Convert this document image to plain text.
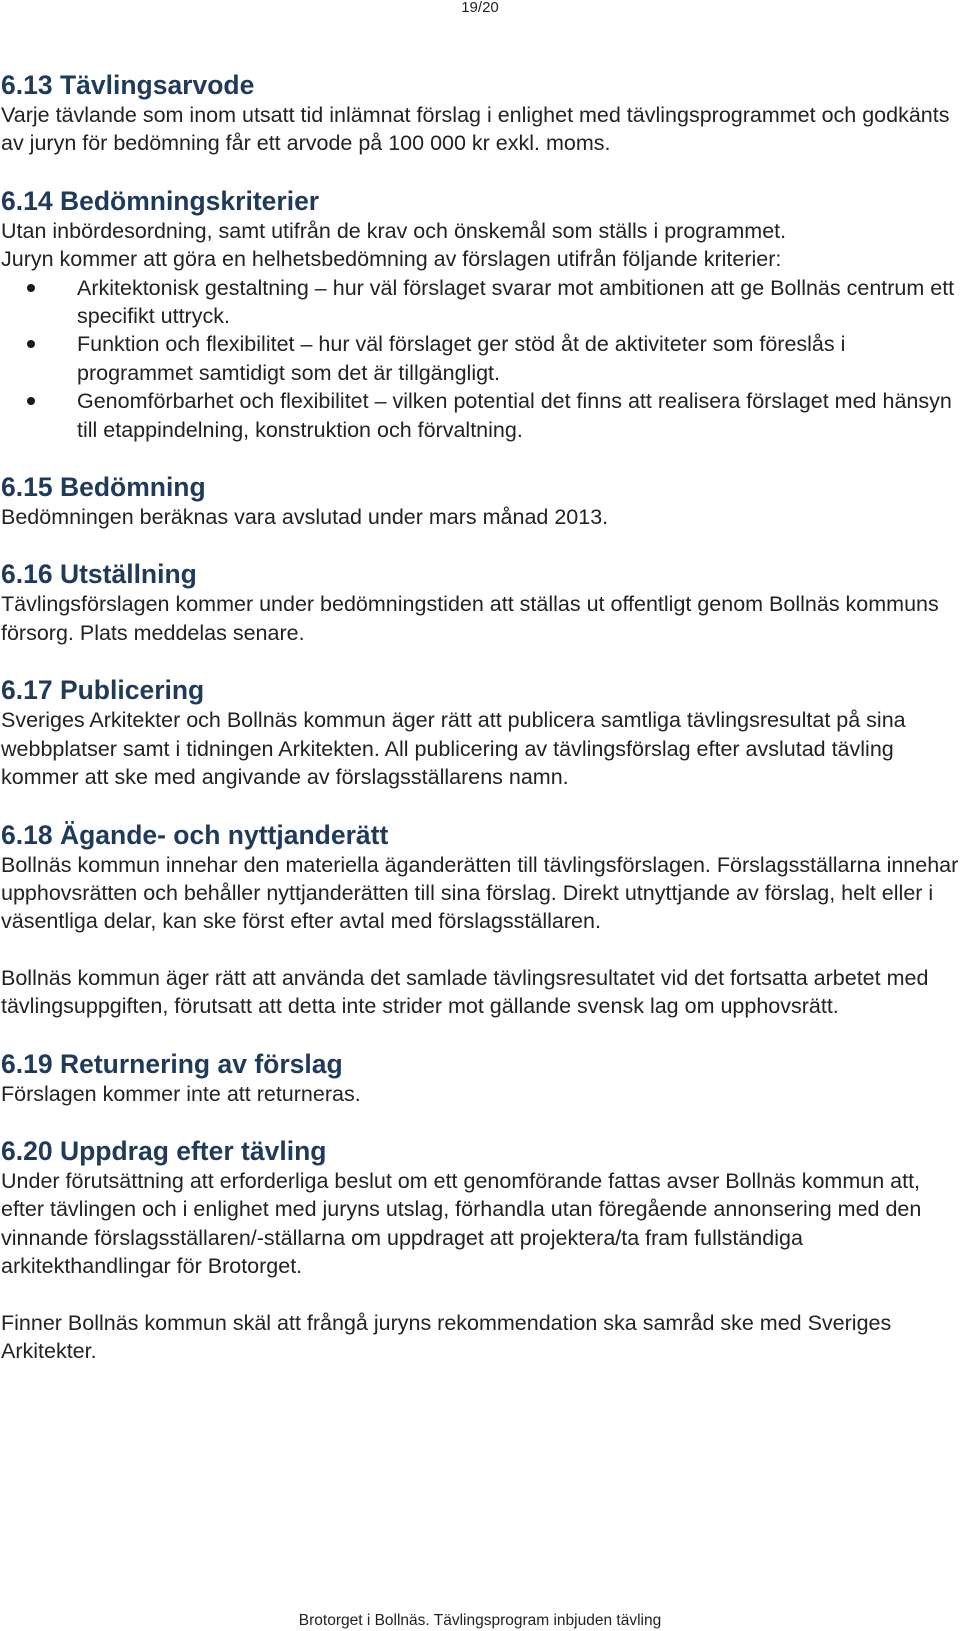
19/20
6.13 Tävlingsarvode

Varje tävlande som inom utsatt tid inlämnat förslag i enlighet med tävlingsprogrammet och godkänts av juryn för bedömning får ett arvode på 100 000 kr exkl. moms.

6.14 Bedömningskriterier

Utan inbördesordning, samt utifrån de krav och önskemål som ställs i programmet.

Juryn kommer att göra en helhetsbedömning av förslagen utifrån följande kriterier:

Arkitektonisk gestaltning – hur väl förslaget svarar mot ambitionen att ge Bollnäs centrum ett specifikt uttryck.
Funktion och flexibilitet – hur väl förslaget ger stöd åt de aktiviteter som föreslås i programmet samtidigt som det är tillgängligt.
Genomförbarhet och flexibilitet – vilken potential det finns att realisera förslaget med hänsyn till etappindelning, konstruktion och förvaltning.
6.15 Bedömning

Bedömningen beräknas vara avslutad under mars månad 2013.

6.16 Utställning

Tävlingsförslagen kommer under bedömningstiden att ställas ut offentligt genom Bollnäs kommuns försorg. Plats meddelas senare.

6.17 Publicering

Sveriges Arkitekter och Bollnäs kommun äger rätt att publicera samtliga tävlingsresultat på sina webbplatser samt i tidningen Arkitekten. All publicering av tävlingsförslag efter avslutad tävling kommer att ske med angivande av förslagsställarens namn.

6.18 Ägande- och nyttjanderätt

Bollnäs kommun innehar den materiella äganderätten till tävlingsförslagen. Förslagsställarna innehar upphovsrätten och behåller nyttjanderätten till sina förslag. Direkt utnyttjande av förslag, helt eller i väsentliga delar, kan ske först efter avtal med förslagsställaren.

Bollnäs kommun äger rätt att använda det samlade tävlingsresultatet vid det fortsatta arbetet med tävlingsuppgiften, förutsatt att detta inte strider mot gällande svensk lag om upphovsrätt.

6.19 Returnering av förslag

Förslagen kommer inte att returneras.

6.20 Uppdrag efter tävling

Under förutsättning att erforderliga beslut om ett genomförande fattas avser Bollnäs kommun att, efter tävlingen och i enlighet med juryns utslag, förhandla utan föregående annonsering med den vinnande förslagsställaren/-ställarna om uppdraget att projektera/ta fram fullständiga arkitekthandlingar för Brotorget.

Finner Bollnäs kommun skäl att frångå juryns rekommendation ska samråd ske med Sveriges Arkitekter.

Brotorget i Bollnäs. Tävlingsprogram inbjuden tävling
